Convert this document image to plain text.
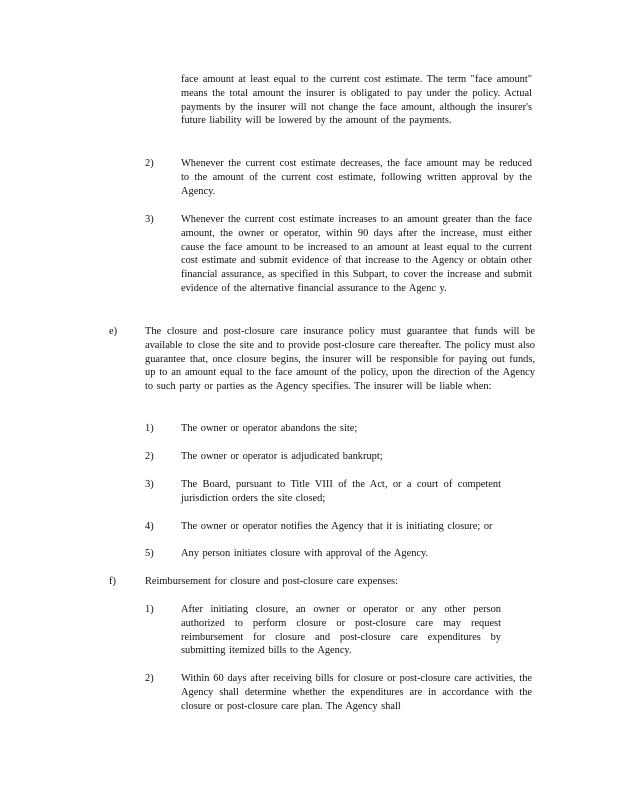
face amount at least equal to the current cost estimate. The term "face amount" means the total amount the insurer is obligated to pay under the policy. Actual payments by the insurer will not change the face amount, although the insurer's future liability will be lowered by the amount of the payments.
2)	Whenever the current cost estimate decreases, the face amount may be reduced to the amount of the current cost estimate, following written approval by the Agency.
3)	Whenever the current cost estimate increases to an amount greater than the face amount, the owner or operator, within 90 days after the increase, must either cause the face amount to be increased to an amount at least equal to the current cost estimate and submit evidence of that increase to the Agency or obtain other financial assurance, as specified in this Subpart, to cover the increase and submit evidence of the alternative financial assurance to the Agenc y.
e)	The closure and post-closure care insurance policy must guarantee that funds will be available to close the site and to provide post-closure care thereafter. The policy must also guarantee that, once closure begins, the insurer will be responsible for paying out funds, up to an amount equal to the face amount of the policy, upon the direction of the Agency to such party or parties as the Agency specifies. The insurer will be liable when:
1)	The owner or operator abandons the site;
2)	The owner or operator is adjudicated bankrupt;
3)	The Board, pursuant to Title VIII of the Act, or a court of competent jurisdiction orders the site closed;
4)	The owner or operator notifies the Agency that it is initiating closure; or
5)	Any person initiates closure with approval of the Agency.
f)	Reimbursement for closure and post-closure care expenses:
1)	After initiating closure, an owner or operator or any other person authorized to perform closure or post-closure care may request reimbursement for closure and post-closure care expenditures by submitting itemized bills to the Agency.
2)	Within 60 days after receiving bills for closure or post-closure care activities, the Agency shall determine whether the expenditures are in accordance with the closure or post-closure care plan. The Agency shall
